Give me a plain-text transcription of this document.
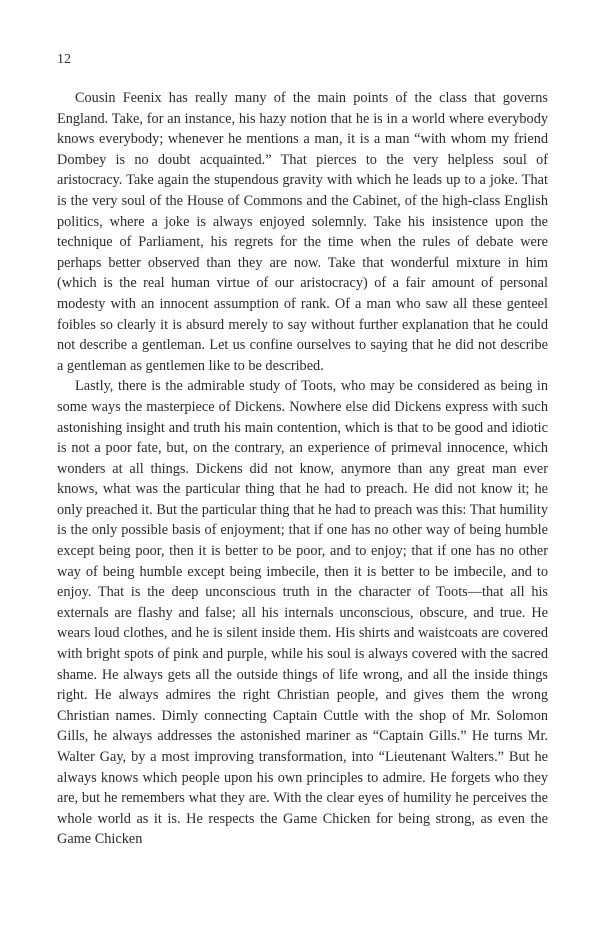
12

Cousin Feenix has really many of the main points of the class that governs England. Take, for an instance, his hazy notion that he is in a world where everybody knows everybody; whenever he mentions a man, it is a man “with whom my friend Dombey is no doubt acquainted.” That pierces to the very helpless soul of aristocracy. Take again the stupendous gravity with which he leads up to a joke. That is the very soul of the House of Commons and the Cabinet, of the high-class English politics, where a joke is always enjoyed solemnly. Take his insistence upon the technique of Parliament, his regrets for the time when the rules of debate were perhaps better observed than they are now. Take that wonderful mixture in him (which is the real human virtue of our aristocracy) of a fair amount of personal modesty with an innocent assumption of rank. Of a man who saw all these genteel foibles so clearly it is absurd merely to say without further explanation that he could not describe a gentleman. Let us confine ourselves to saying that he did not describe a gentleman as gentlemen like to be described.

Lastly, there is the admirable study of Toots, who may be considered as being in some ways the masterpiece of Dickens. Nowhere else did Dickens express with such astonishing insight and truth his main contention, which is that to be good and idiotic is not a poor fate, but, on the contrary, an experience of primeval innocence, which wonders at all things. Dickens did not know, anymore than any great man ever knows, what was the particular thing that he had to preach. He did not know it; he only preached it. But the particular thing that he had to preach was this: That humility is the only possible basis of enjoyment; that if one has no other way of being humble except being poor, then it is better to be poor, and to enjoy; that if one has no other way of being humble except being imbecile, then it is better to be imbecile, and to enjoy. That is the deep unconscious truth in the character of Toots—that all his externals are flashy and false; all his internals unconscious, obscure, and true. He wears loud clothes, and he is silent inside them. His shirts and waistcoats are covered with bright spots of pink and purple, while his soul is always covered with the sacred shame. He always gets all the outside things of life wrong, and all the inside things right. He always admires the right Christian people, and gives them the wrong Christian names. Dimly connecting Captain Cuttle with the shop of Mr. Solomon Gills, he always addresses the astonished mariner as “Captain Gills.” He turns Mr. Walter Gay, by a most improving transformation, into “Lieutenant Walters.” But he always knows which people upon his own principles to admire. He forgets who they are, but he remembers what they are. With the clear eyes of humility he perceives the whole world as it is. He respects the Game Chicken for being strong, as even the Game Chicken
